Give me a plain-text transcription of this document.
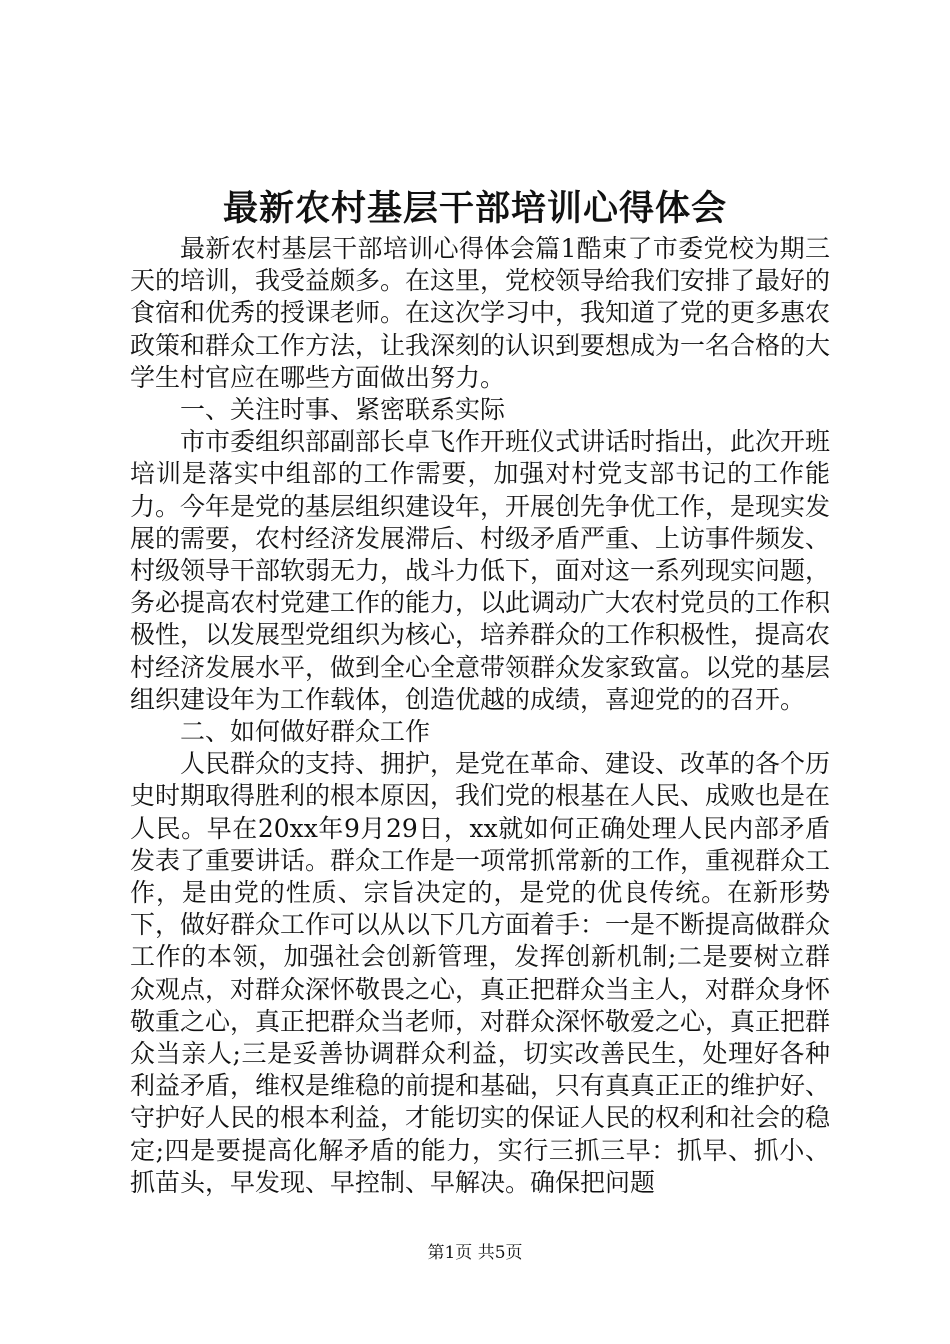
最新农村基层干部培训心得体会

最新农村基层干部培训心得体会篇1酷束了市委党校为期三天的培训，我受益颇多。在这里，党校领导给我们安排了最好的食宿和优秀的授课老师。在这次学习中，我知道了党的更多惠农政策和群众工作方法，让我深刻的认识到要想成为一名合格的大学生村官应在哪些方面做出努力。

一、关注时事、紧密联系实际

市市委组织部副部长卓飞作开班仪式讲话时指出，此次开班培训是落实中组部的工作需要，加强对村党支部书记的工作能力。今年是党的基层组织建设年，开展创先争优工作，是现实发展的需要，农村经济发展滞后、村级矛盾严重、上访事件频发、村级领导干部软弱无力，战斗力低下，面对这一系列现实问题，务必提高农村党建工作的能力，以此调动广大农村党员的工作积极性，以发展型党组织为核心，培养群众的工作积极性，提高农村经济发展水平，做到全心全意带领群众发家致富。以党的基层组织建设年为工作载体，创造优越的成绩，喜迎党的的召开。

二、如何做好群众工作

人民群众的支持、拥护，是党在革命、建设、改革的各个历史时期取得胜利的根本原因，我们党的根基在人民、成败也是在人民。早在20xx年9月29日，xx就如何正确处理人民内部矛盾发表了重要讲话。群众工作是一项常抓常新的工作，重视群众工作，是由党的性质、宗旨决定的，是党的优良传统。在新形势下，做好群众工作可以从以下几方面着手：一是不断提高做群众工作的本领，加强社会创新管理，发挥创新机制;二是要树立群众观点，对群众深怀敬畏之心，真正把群众当主人，对群众身怀敬重之心，真正把群众当老师，对群众深怀敬爱之心，真正把群众当亲人;三是妥善协调群众利益，切实改善民生，处理好各种利益矛盾，维权是维稳的前提和基础，只有真真正正的维护好、守护好人民的根本利益，才能切实的保证人民的权利和社会的稳定;四是要提高化解矛盾的能力，实行三抓三早：抓早、抓小、抓苗头，早发现、早控制、早解决。确保把问题

第1页 共5页
